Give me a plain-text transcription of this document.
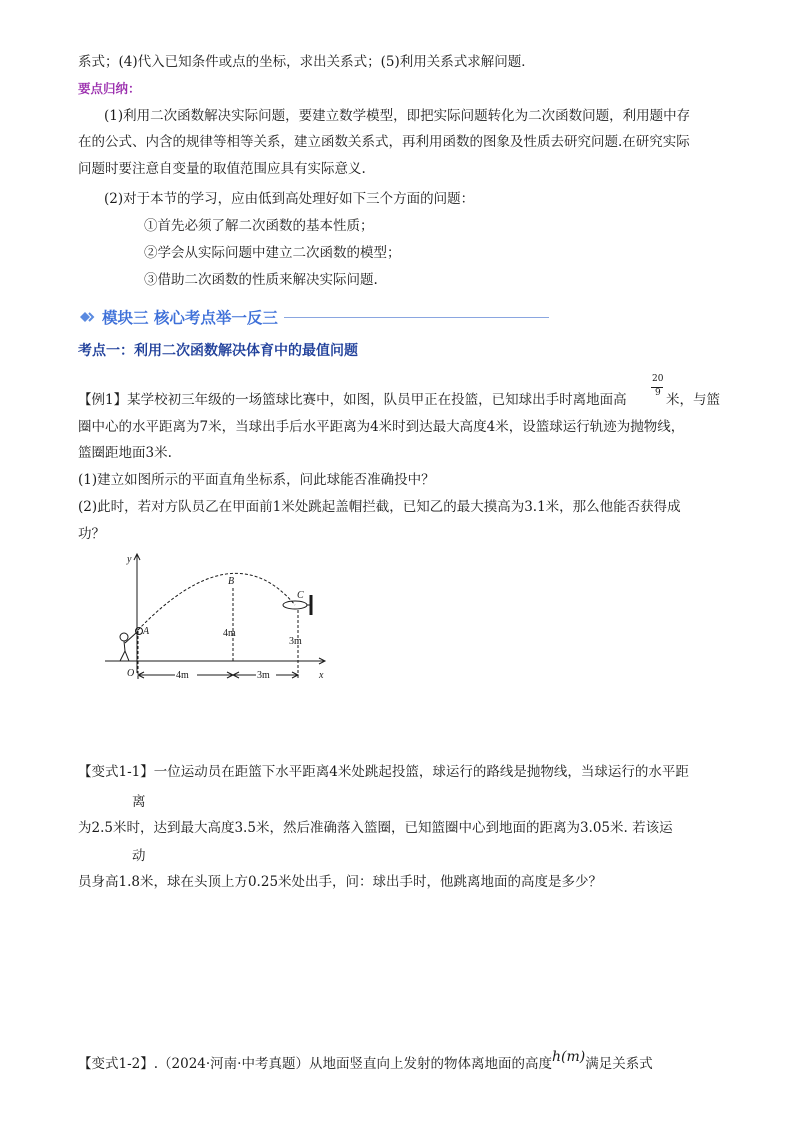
系式；(4)代入已知条件或点的坐标，求出关系式；(5)利用关系式求解问题．
要点归纳：
(1)利用二次函数解决实际问题，要建立数学模型，即把实际问题转化为二次函数问题，利用题中存
在的公式、内含的规律等相等关系，建立函数关系式，再利用函数的图象及性质去研究问题.在研究实际
问题时要注意自变量的取值范围应具有实际意义.
(2)对于本节的学习，应由低到高处理好如下三个方面的问题：
①首先必须了解二次函数的基本性质；
②学会从实际问题中建立二次函数的模型；
③借助二次函数的性质来解决实际问题.
模块三 核心考点举一反三
考点一：利用二次函数解决体育中的最值问题
【例1】某学校初三年级的一场篮球比赛中，如图，队员甲正在投篮，已知球出手时离地面高
20
9 米，与篮
圈中心的水平距离为7米，当球出手后水平距离为4米时到达最大高度4米，设篮球运行轨迹为抛物线，
篮圈距地面3米.
(1)建立如图所示的平面直角坐标系，问此球能否准确投中？
(2)此时，若对方队员乙在甲面前1米处跳起盖帽拦截，已知乙的最大摸高为3.1米，那么他能否获得成
功？
y
x
O
A
B
C
4m
3m
4m	3m
【变式1-1】一位运动员在距篮下水平距离4米处跳起投篮，球运行的路线是抛物线，当球运行的水平距
离
为2.5米时，达到最大高度3.5米，然后准确落入篮圈，已知篮圈中心到地面的距离为3.05米. 若该运
动
员身高1.8米，球在头顶上方0.25米处出手，问：球出手时，他跳离地面的高度是多少？
【变式1-2】.（2024·河南·中考真题）从地面竖直向上发射的物体离地面的高度h(m)满足关系式
